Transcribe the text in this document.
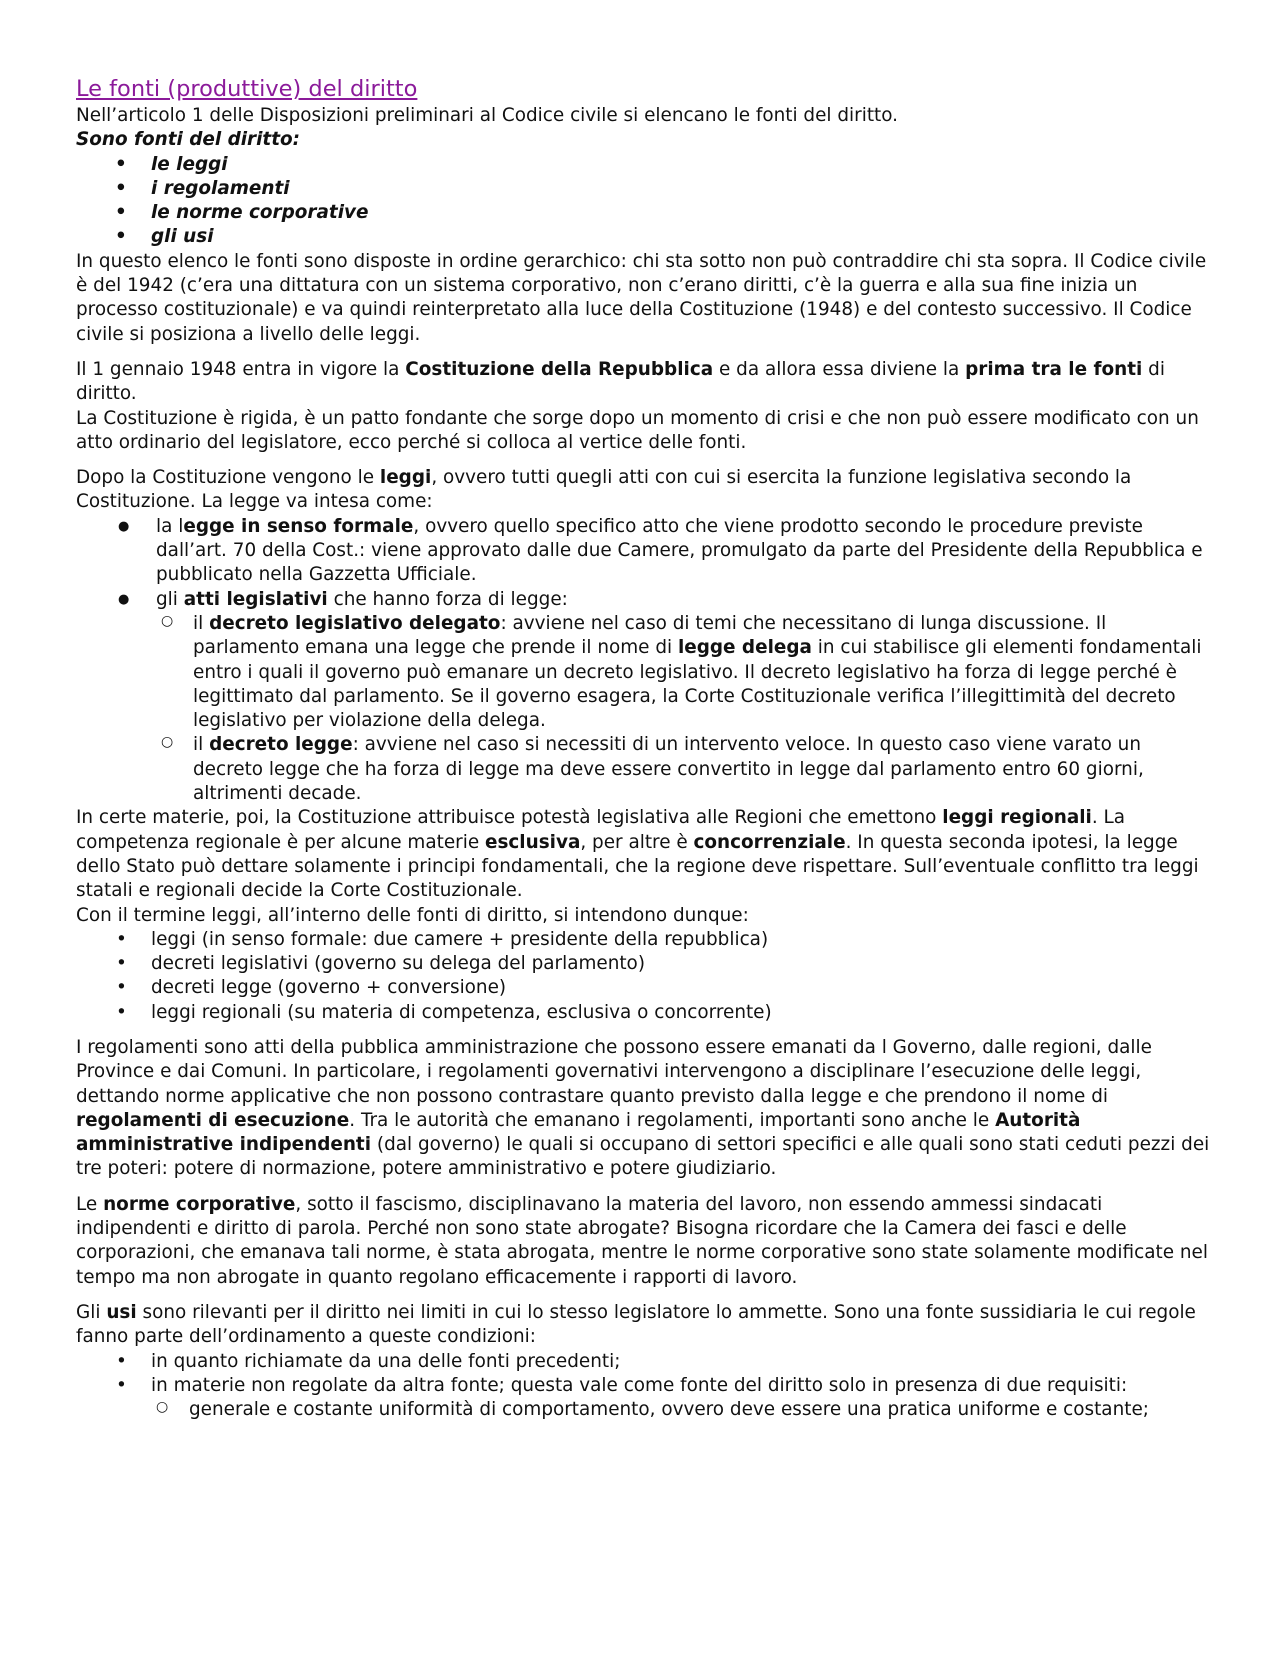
Le fonti (produttive) del diritto

Nell’articolo 1 delle Disposizioni preliminari al Codice civile si elencano le fonti del diritto.

Sono fonti del diritto:

• le leggi
• i regolamenti
• le norme corporative
• gli usi

In questo elenco le fonti sono disposte in ordine gerarchico: chi sta sotto non può contraddire chi sta sopra. Il Codice civile è del 1942 (c’era una dittatura con un sistema corporativo, non c’erano diritti, c’è la guerra e alla sua fine inizia un processo costituzionale) e va quindi reinterpretato alla luce della Costituzione (1948) e del contesto successivo. Il Codice civile si posiziona a livello delle leggi.

Il 1 gennaio 1948 entra in vigore la Costituzione della Repubblica e da allora essa diviene la prima tra le fonti di diritto.

La Costituzione è rigida, è un patto fondante che sorge dopo un momento di crisi e che non può essere modificato con un atto ordinario del legislatore, ecco perché si colloca al vertice delle fonti.

Dopo la Costituzione vengono le leggi, ovvero tutti quegli atti con cui si esercita la funzione legislativa secondo la Costituzione. La legge va intesa come:

● la legge in senso formale, ovvero quello specifico atto che viene prodotto secondo le procedure previste dall’art. 70 della Cost.: viene approvato dalle due Camere, promulgato da parte del Presidente della Repubblica e pubblicato nella Gazzetta Ufficiale.
● gli atti legislativi che hanno forza di legge:
○ il decreto legislativo delegato: avviene nel caso di temi che necessitano di lunga discussione. Il parlamento emana una legge che prende il nome di legge delega in cui stabilisce gli elementi fondamentali entro i quali il governo può emanare un decreto legislativo. Il decreto legislativo ha forza di legge perché è legittimato dal parlamento. Se il governo esagera, la Corte Costituzionale verifica l’illegittimità del decreto legislativo per violazione della delega.
○ il decreto legge: avviene nel caso si necessiti di un intervento veloce. In questo caso viene varato un decreto legge che ha forza di legge ma deve essere convertito in legge dal parlamento entro 60 giorni, altrimenti decade.

In certe materie, poi, la Costituzione attribuisce potestà legislativa alle Regioni che emettono leggi regionali. La competenza regionale è per alcune materie esclusiva, per altre è concorrenziale. In questa seconda ipotesi, la legge dello Stato può dettare solamente i principi fondamentali, che la regione deve rispettare. Sull’eventuale conflitto tra leggi statali e regionali decide la Corte Costituzionale.

Con il termine leggi, all’interno delle fonti di diritto, si intendono dunque:

• leggi (in senso formale: due camere + presidente della repubblica)
• decreti legislativi (governo su delega del parlamento)
• decreti legge (governo + conversione)
• leggi regionali (su materia di competenza, esclusiva o concorrente)

I regolamenti sono atti della pubblica amministrazione che possono essere emanati da l Governo, dalle regioni, dalle Province e dai Comuni. In particolare, i regolamenti governativi intervengono a disciplinare l’esecuzione delle leggi, dettando norme applicative che non possono contrastare quanto previsto dalla legge e che prendono il nome di regolamenti di esecuzione. Tra le autorità che emanano i regolamenti, importanti sono anche le Autorità amministrative indipendenti (dal governo) le quali si occupano di settori specifici e alle quali sono stati ceduti pezzi dei tre poteri: potere di normazione, potere amministrativo e potere giudiziario.

Le norme corporative, sotto il fascismo, disciplinavano la materia del lavoro, non essendo ammessi sindacati indipendenti e diritto di parola. Perché non sono state abrogate? Bisogna ricordare che la Camera dei fasci e delle corporazioni, che emanava tali norme, è stata abrogata, mentre le norme corporative sono state solamente modificate nel tempo ma non abrogate in quanto regolano efficacemente i rapporti di lavoro.

Gli usi sono rilevanti per il diritto nei limiti in cui lo stesso legislatore lo ammette. Sono una fonte sussidiaria le cui regole fanno parte dell’ordinamento a queste condizioni:

• in quanto richiamate da una delle fonti precedenti;
• in materie non regolate da altra fonte; questa vale come fonte del diritto solo in presenza di due requisiti:
○ generale e costante uniformità di comportamento, ovvero deve essere una pratica uniforme e costante;
